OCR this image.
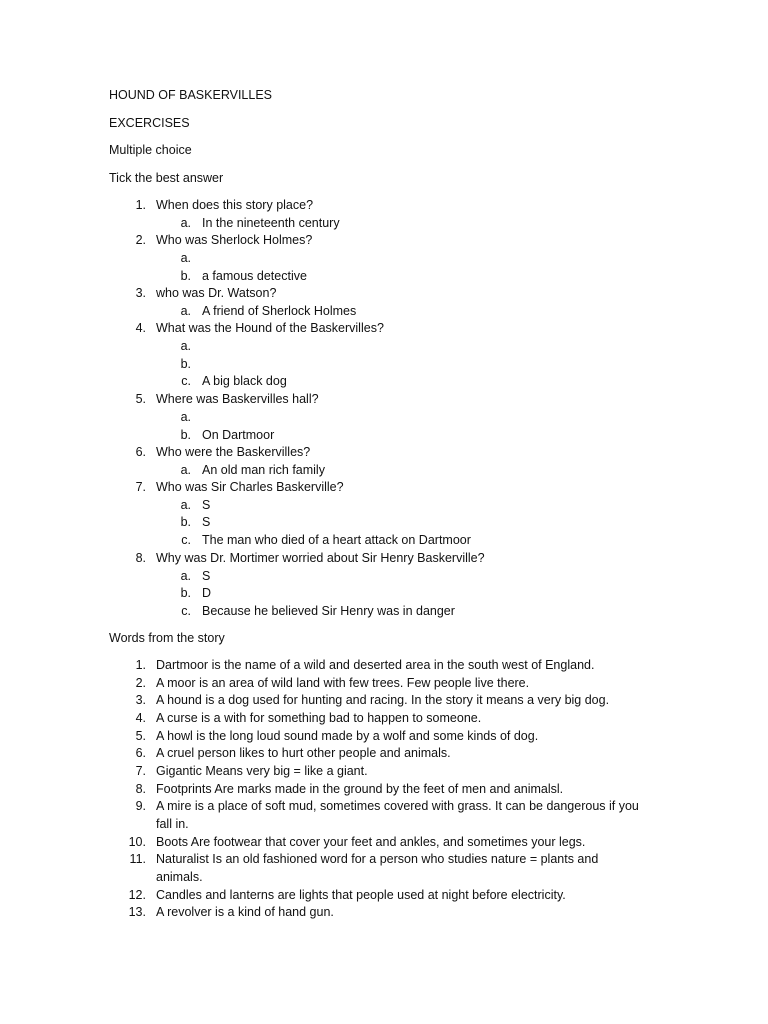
HOUND OF BASKERVILLES
EXCERCISES
Multiple choice
Tick the best answer
1. When does this story place?
a. In the nineteenth century
2. Who was Sherlock Holmes?
a.
b. a famous detective
3. who was Dr. Watson?
a. A friend of Sherlock Holmes
4. What was the Hound of the Baskervilles?
a.
b.
c. A big black dog
5. Where was Baskervilles hall?
a.
b. On Dartmoor
6. Who were the Baskervilles?
a. An old man rich family
7. Who was Sir Charles Baskerville?
a. S
b. S
c. The man who died of a heart attack on Dartmoor
8. Why was Dr. Mortimer worried about Sir Henry Baskerville?
a. S
b. D
c. Because he believed Sir Henry was in danger
Words from the story
1. Dartmoor is the name of a wild and deserted area in the south west of England.
2. A moor is an area of wild land with few trees. Few people live there.
3. A hound is a dog used for hunting and racing. In the story it means a very big dog.
4. A curse is a with for something bad to happen to someone.
5. A howl is the long loud sound made by a wolf and some kinds of dog.
6. A cruel person likes to hurt other people and animals.
7. Gigantic Means very big = like a giant.
8. Footprints Are marks made in the ground by the feet of men and animalsl.
9. A mire is a place of soft mud, sometimes covered with grass. It can be dangerous if you
fall in.
10. Boots Are footwear that cover your feet and ankles, and sometimes your legs.
11. Naturalist Is an old fashioned word for a person who studies nature = plants and
animals.
12. Candles and lanterns are lights that people used at night before electricity.
13. A revolver is a kind of hand gun.
